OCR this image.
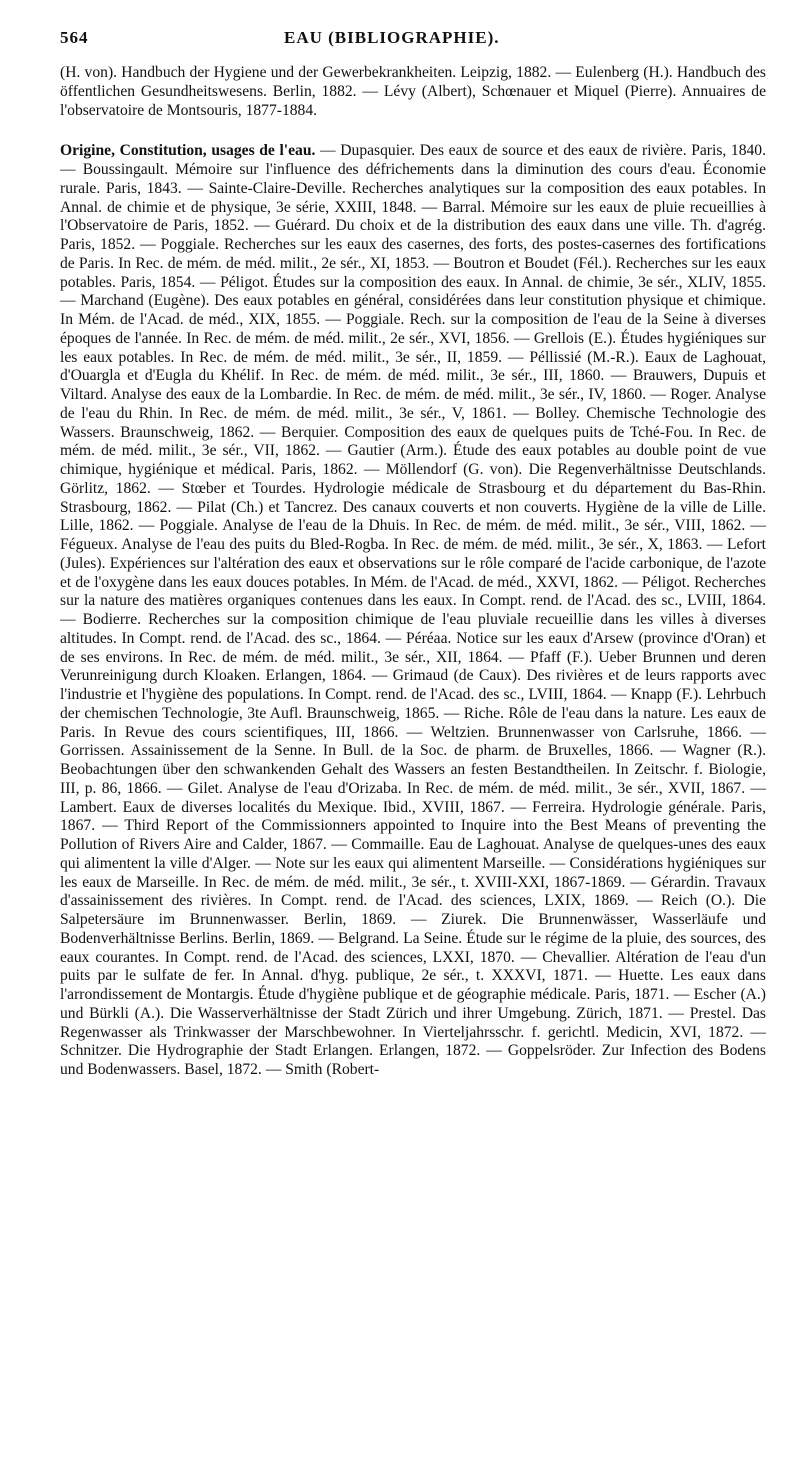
564	EAU (BIBLIOGRAPHIE).

(H. von). Handbuch der Hygiene und der Gewerbekrankheiten. Leipzig, 1882. — Eulenberg (H.). Handbuch des öffentlichen Gesundheitswesens. Berlin, 1882. — Lévy (Albert), Schœnauer et Miquel (Pierre). Annuaires de l'observatoire de Montsouris, 1877-1884.

Origine, Constitution, usages de l'eau. — Dupasquier. Des eaux de source et des eaux de rivière. Paris, 1840. — Boussingault. Mémoire sur l'influence des défrichements dans la diminution des cours d'eau. Économie rurale. Paris, 1843. — Sainte-Claire-Deville. Recherches analytiques sur la composition des eaux potables. In Annal. de chimie et de physique, 3e série, XXIII, 1848. — Barral. Mémoire sur les eaux de pluie recueillies à l'Observatoire de Paris, 1852. — Guérard. Du choix et de la distribution des eaux dans une ville. Th. d'agrég. Paris, 1852. — Poggiale. Recherches sur les eaux des casernes, des forts, des postes-casernes des fortifications de Paris. In Rec. de mém. de méd. milit., 2e sér., XI, 1853. — Boutron et Boudet (Fél.). Recherches sur les eaux potables. Paris, 1854. — Péligot. Études sur la composition des eaux. In Annal. de chimie, 3e sér., XLIV, 1855. — Marchand (Eugène). Des eaux potables en général, considérées dans leur constitution physique et chimique. In Mém. de l'Acad. de méd., XIX, 1855. — Poggiale. Rech. sur la composition de l'eau de la Seine à diverses époques de l'année. In Rec. de mém. de méd. milit., 2e sér., XVI, 1856. — Grellois (E.). Études hygiéniques sur les eaux potables. In Rec. de mém. de méd. milit., 3e sér., II, 1859. — Péllissié (M.-R.). Eaux de Laghouat, d'Ouargla et d'Eugla du Khélif. In Rec. de mém. de méd. milit., 3e sér., III, 1860. — Brauwers, Dupuis et Viltard. Analyse des eaux de la Lombardie. In Rec. de mém. de méd. milit., 3e sér., IV, 1860. — Roger. Analyse de l'eau du Rhin. In Rec. de mém. de méd. milit., 3e sér., V, 1861. — Bolley. Chemische Technologie des Wassers. Braunschweig, 1862. — Berquier. Composition des eaux de quelques puits de Tché-Fou. In Rec. de mém. de méd. milit., 3e sér., VII, 1862. — Gautier (Arm.). Étude des eaux potables au double point de vue chimique, hygiénique et médical. Paris, 1862. — Möllendorf (G. von). Die Regenverhältnisse Deutschlands. Görlitz, 1862. — Stœber et Tourdes. Hydrologie médicale de Strasbourg et du département du Bas-Rhin. Strasbourg, 1862. — Pilat (Ch.) et Tancrez. Des canaux couverts et non couverts. Hygiène de la ville de Lille. Lille, 1862. — Poggiale. Analyse de l'eau de la Dhuis. In Rec. de mém. de méd. milit., 3e sér., VIII, 1862. — Fégueux. Analyse de l'eau des puits du Bled-Rogba. In Rec. de mém. de méd. milit., 3e sér., X, 1863. — Lefort (Jules). Expériences sur l'altération des eaux et observations sur le rôle comparé de l'acide carbonique, de l'azote et de l'oxygène dans les eaux douces potables. In Mém. de l'Acad. de méd., XXVI, 1862. — Péligot. Recherches sur la nature des matières organiques contenues dans les eaux. In Compt. rend. de l'Acad. des sc., LVIII, 1864. — Bodierre. Recherches sur la composition chimique de l'eau pluviale recueillie dans les villes à diverses altitudes. In Compt. rend. de l'Acad. des sc., 1864. — Péréaa. Notice sur les eaux d'Arsew (province d'Oran) et de ses environs. In Rec. de mém. de méd. milit., 3e sér., XII, 1864. — Pfaff (F.). Ueber Brunnen und deren Verunreinigung durch Kloaken. Erlangen, 1864. — Grimaud (de Caux). Des rivières et de leurs rapports avec l'industrie et l'hygiène des populations. In Compt. rend. de l'Acad. des sc., LVIII, 1864. — Knapp (F.). Lehrbuch der chemischen Technologie, 3te Aufl. Braunschweig, 1865. — Riche. Rôle de l'eau dans la nature. Les eaux de Paris. In Revue des cours scientifiques, III, 1866. — Weltzien. Brunnenwasser von Carlsruhe, 1866. — Gorrissen. Assainissement de la Senne. In Bull. de la Soc. de pharm. de Bruxelles, 1866. — Wagner (R.). Beobachtungen über den schwankenden Gehalt des Wassers an festen Bestandtheilen. In Zeitschr. f. Biologie, III, p. 86, 1866. — Gilet. Analyse de l'eau d'Orizaba. In Rec. de mém. de méd. milit., 3e sér., XVII, 1867. — Lambert. Eaux de diverses localités du Mexique. Ibid., XVIII, 1867. — Ferreira. Hydrologie générale. Paris, 1867. — Third Report of the Commissionners appointed to Inquire into the Best Means of preventing the Pollution of Rivers Aire and Calder, 1867. — Commaille. Eau de Laghouat. Analyse de quelques-unes des eaux qui alimentent la ville d'Alger. — Note sur les eaux qui alimentent Marseille. — Considérations hygiéniques sur les eaux de Marseille. In Rec. de mém. de méd. milit., 3e sér., t. XVIII-XXI, 1867-1869. — Gérardin. Travaux d'assainissement des rivières. In Compt. rend. de l'Acad. des sciences, LXIX, 1869. — Reich (O.). Die Salpetersäure im Brunnenwasser. Berlin, 1869. — Ziurek. Die Brunnenwässer, Wasserläufe und Bodenverhältnisse Berlins. Berlin, 1869. — Belgrand. La Seine. Étude sur le régime de la pluie, des sources, des eaux courantes. In Compt. rend. de l'Acad. des sciences, LXXI, 1870. — Chevallier. Altération de l'eau d'un puits par le sulfate de fer. In Annal. d'hyg. publique, 2e sér., t. XXXVI, 1871. — Huette. Les eaux dans l'arrondissement de Montargis. Étude d'hygiène publique et de géographie médicale. Paris, 1871. — Escher (A.) und Bürkli (A.). Die Wasserverhältnisse der Stadt Zürich und ihrer Umgebung. Zürich, 1871. — Prestel. Das Regenwasser als Trinkwasser der Marschbewohner. In Vierteljahrsschr. f. gerichtl. Medicin, XVI, 1872. — Schnitzer. Die Hydrographie der Stadt Erlangen. Erlangen, 1872. — Goppelsröder. Zur Infection des Bodens und Bodenwassers. Basel, 1872. — Smith (Robert-
